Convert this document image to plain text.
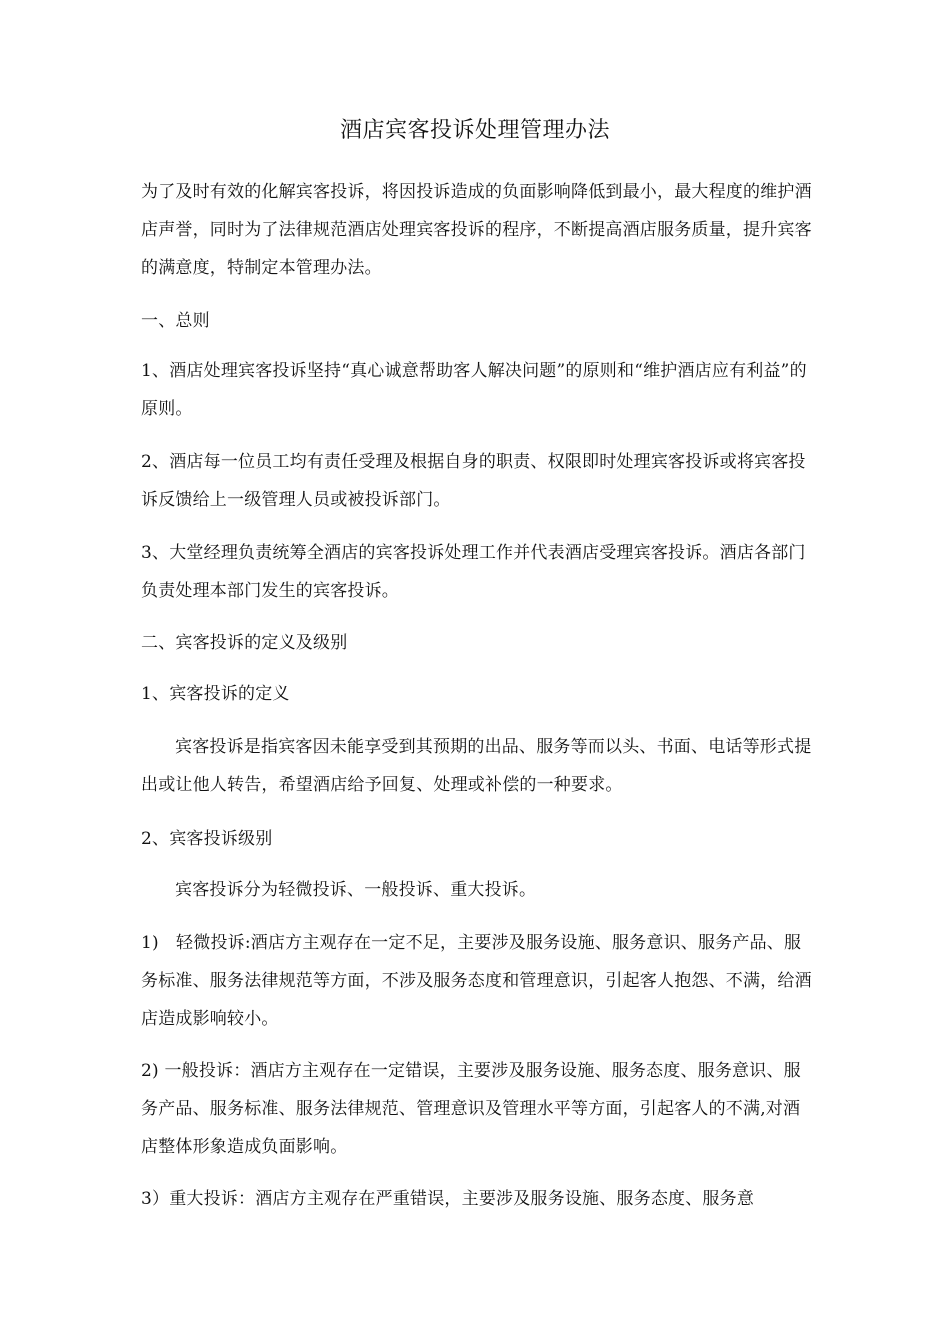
酒店宾客投诉处理管理办法

为了及时有效的化解宾客投诉，将因投诉造成的负面影响降低到最小，最大程度的维护酒店声誉，同时为了法律规范酒店处理宾客投诉的程序，不断提高酒店服务质量，提升宾客的满意度，特制定本管理办法。

一、总则

1、酒店处理宾客投诉坚持“真心诚意帮助客人解决问题”的原则和“维护酒店应有利益”的原则。

2、酒店每一位员工均有责任受理及根据自身的职责、权限即时处理宾客投诉或将宾客投诉反馈给上一级管理人员或被投诉部门。

3、大堂经理负责统筹全酒店的宾客投诉处理工作并代表酒店受理宾客投诉。酒店各部门负责处理本部门发生的宾客投诉。

二、宾客投诉的定义及级别

1、宾客投诉的定义

宾客投诉是指宾客因未能享受到其预期的出品、服务等而以头、书面、电话等形式提出或让他人转告，希望酒店给予回复、处理或补偿的一种要求。

2、宾客投诉级别

宾客投诉分为轻微投诉、一般投诉、重大投诉。

1)　轻微投诉:酒店方主观存在一定不足，主要涉及服务设施、服务意识、服务产品、服务标准、服务法律规范等方面，不涉及服务态度和管理意识，引起客人抱怨、不满，给酒店造成影响较小。

2) 一般投诉：酒店方主观存在一定错误，主要涉及服务设施、服务态度、服务意识、服务产品、服务标准、服务法律规范、管理意识及管理水平等方面，引起客人的不满,对酒店整体形象造成负面影响。

3）重大投诉：酒店方主观存在严重错误，主要涉及服务设施、服务态度、服务意
